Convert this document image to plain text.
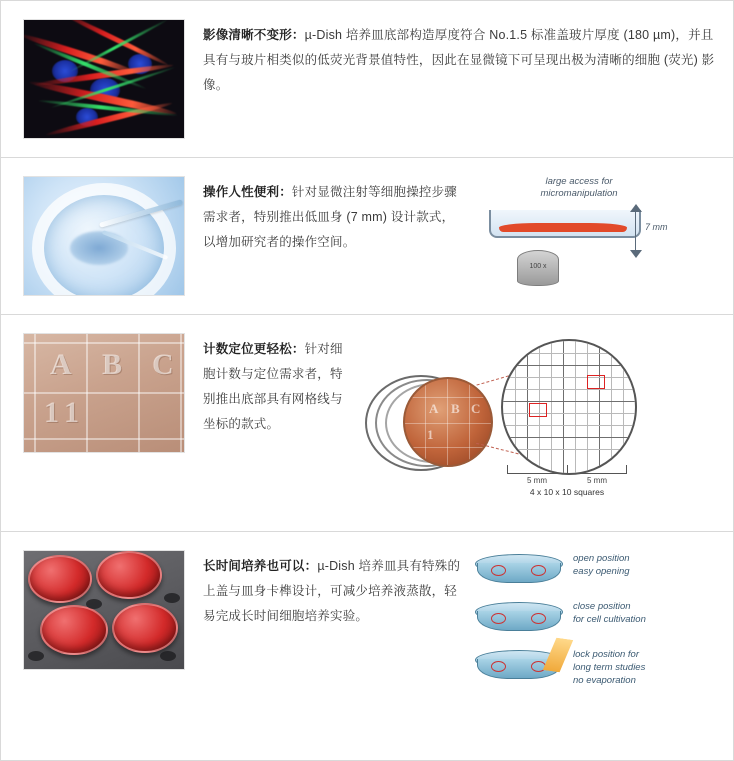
影像清晰不变形：µ-Dish 培养皿底部构造厚度符合 No.1.5 标准盖玻片厚度 (180 µm)，并且具有与玻片相类似的低荧光背景值特性，因此在显微镜下可呈现出极为清晰的细胞 (荧光) 影像。
操作人性便利：针对显微注射等细胞操控步骤需求者，特别推出低皿身 (7 mm) 设计款式，以增加研究者的操作空间。
large access for
micromanipulation
100 x
7 mm
A B C
1 1
计数定位更轻松：针对细胞计数与定位需求者，特别推出底部具有网格线与坐标的款式。
A B C
1
5 mm	5 mm
4 x 10 x 10 squares
长时间培养也可以：µ-Dish 培养皿具有特殊的上盖与皿身卡榫设计，可减少培养液蒸散，轻易完成长时间细胞培养实验。
open position
easy opening
close position
for cell cultivation
lock position for
long term studies
no evaporation
